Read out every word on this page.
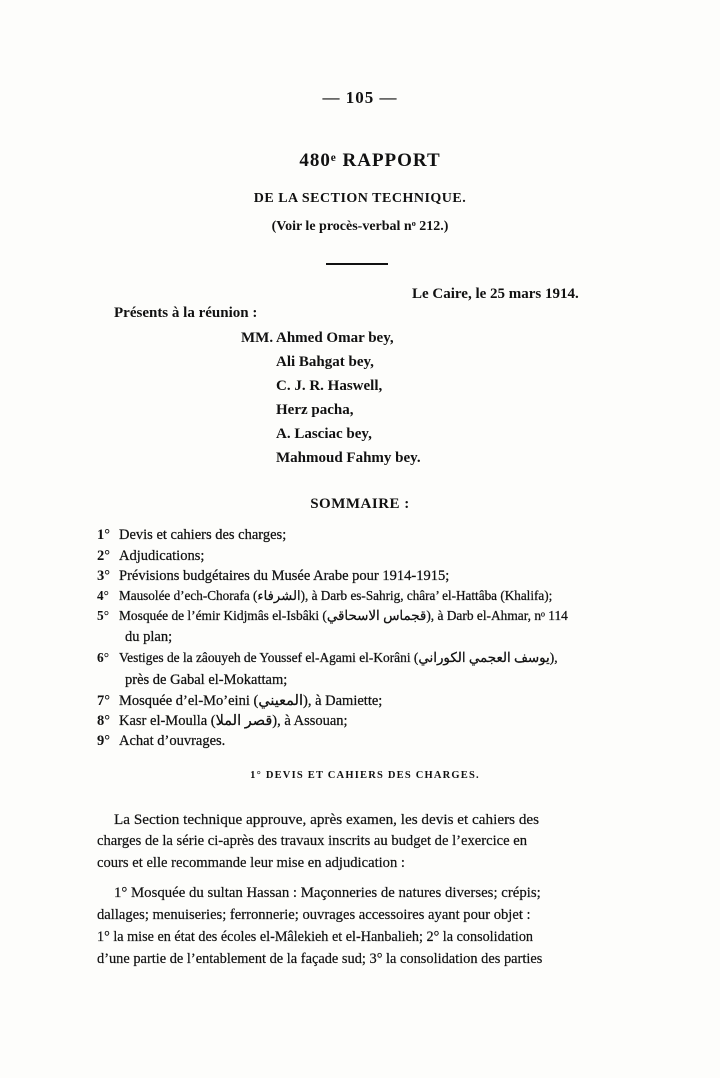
— 105 —
480ᵉ RAPPORT
DE LA SECTION TECHNIQUE.
(Voir le procès-verbal nᵒ 212.)
Le Caire, le 25 mars 1914.
Présents à la réunion :
MM. Ahmed Omar bey,
Ali Bahgat bey,
C. J. R. Haswell,
Herz pacha,
A. Lasciac bey,
Mahmoud Fahmy bey.
SOMMAIRE :
1° Devis et cahiers des charges;
2° Adjudications;
3° Prévisions budgétaires du Musée Arabe pour 1914-1915;
4° Mausolée d’ech-Chorafa (الشرفاء), à Darb es-Sahrig, châra’ el-Hattâba (Khalifa);
5° Mosquée de l’émir Kidjmâs el-Isbâki (قجماس الاسحاقي), à Darb el-Ahmar, nᵒ 114
du plan;
6° Vestiges de la zâouyeh de Youssef el-Agami el-Korâni (يوسف العجمي الكوراني),
près de Gabal el-Mokattam;
7° Mosquée d’el-Mo’eini (المعيني), à Damiette;
8° Kasr el-Moulla (قصر الملا), à Assouan;
9° Achat d’ouvrages.
1° DEVIS ET CAHIERS DES CHARGES.
La Section technique approuve, après examen, les devis et cahiers des
charges de la série ci-après des travaux inscrits au budget de l’exercice en
cours et elle recommande leur mise en adjudication :
1° Mosquée du sultan Hassan : Maçonneries de natures diverses; crépis;
dallages; menuiseries; ferronnerie; ouvrages accessoires ayant pour objet :
1° la mise en état des écoles el-Mâlekieh et el-Hanbalieh; 2° la consolidation
d’une partie de l’entablement de la façade sud; 3° la consolidation des parties
